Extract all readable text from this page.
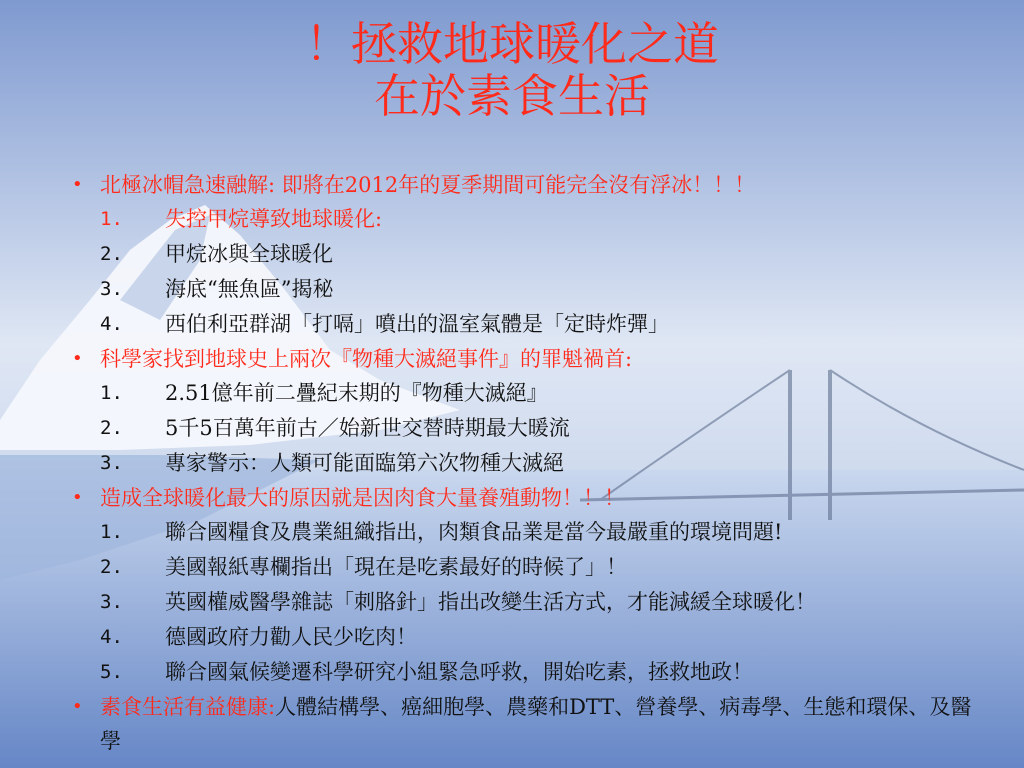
！拯救地球暖化之道
在於素食生活
• 北極冰帽急速融解: 即將在2012年的夏季期間可能完全沒有浮冰！！！
1. 失控甲烷導致地球暖化:
2. 甲烷冰與全球暖化
3. 海底“無魚區”揭秘
4. 西伯利亞群湖「打嗝」噴出的溫室氣體是「定時炸彈」
• 科學家找到地球史上兩次『物種大滅絕事件』的罪魁禍首:
1. 2.51億年前二疊紀末期的『物種大滅絕』
2. 5千5百萬年前古／始新世交替時期最大暖流
3. 專家警示：人類可能面臨第六次物種大滅絕
• 造成全球暖化最大的原因就是因肉食大量養殖動物！！！
1. 聯合國糧食及農業組織指出，肉類食品業是當今最嚴重的環境問題!
2. 美國報紙專欄指出「現在是吃素最好的時候了」！
3. 英國權威醫學雜誌「刺胳針」指出改變生活方式，才能減緩全球暖化！
4. 德國政府力勸人民少吃肉！
5. 聯合國氣候變遷科學研究小組緊急呼救，開始吃素，拯救地政！
• 素食生活有益健康:人體結構學、癌細胞學、農藥和DTT、營養學、病毒學、生態和環保、及醫學
